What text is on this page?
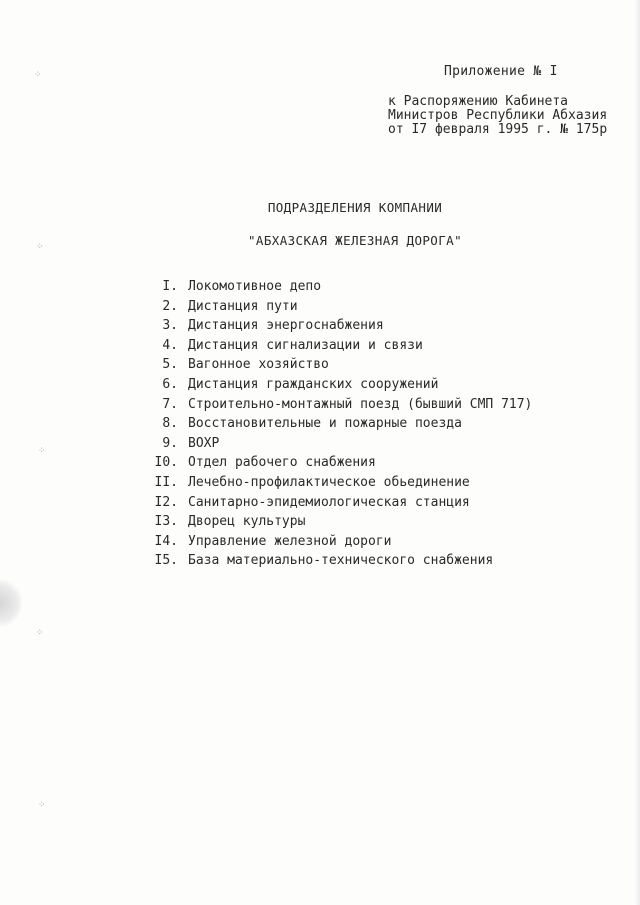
Приложение № I
к Распоряжению Кабинета
Министров Республики Абхазия
от I7 февраля 1995 г. № 175р
ПОДРАЗДЕЛЕНИЯ КОМПАНИИ
"АБХАЗСКАЯ ЖЕЛЕЗНАЯ ДОРОГА"
I. Локомотивное депо
2. Дистанция пути
3. Дистанция энергоснабжения
4. Дистанция сигнализации и связи
5. Вагонное хозяйство
6. Дистанция гражданских сооружений
7. Строительно-монтажный поезд (бывший СМП 717)
8. Восстановительные и пожарные поезда
9. ВОХР
I0. Отдел рабочего снабжения
II. Лечебно-профилактическое обьединение
I2. Санитарно-эпидемиологическая станция
I3. Дворец культуры
I4. Управление железной дороги
I5. База материально-технического снабжения
⁘
⁘
⁘
⁘
⁘
